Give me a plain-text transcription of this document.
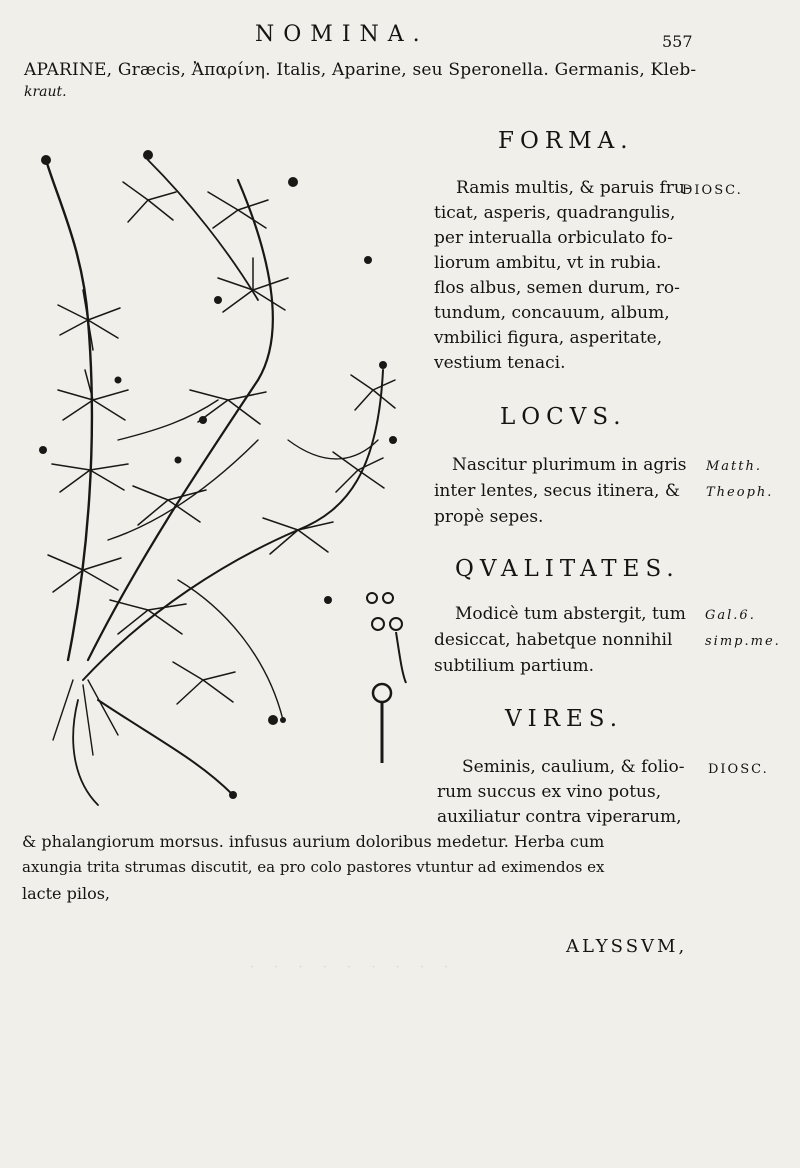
· · · · · · · · ·
NOMINA.	557
APARINE, Græcis, Ἀπαρίνη. Italis, Aparine, seu Speronella. Germanis, Kleb-
kraut.
FORMA.
Ramis multis, & paruis fru-
DIOSC.
ticat, asperis, quadrangulis,
per interualla orbiculato fo-
liorum ambitu, vt in rubia.
flos albus, semen durum, ro-
tundum, concauum, album,
vmbilici figura, asperitate,
vestium tenaci.
LOCVS.
Nascitur plurimum in agris Matth.
inter lentes, secus itinera, & Theoph.
propè sepes.
QVALITATES.
Modicè tum abstergit, tum Gal.6.
desiccat, habetque nonnihil	simp.me.
subtilium partium.
VIRES.
Seminis, caulium, & folio- DIOSC.
rum succus ex vino potus,
auxiliatur contra viperarum,
& phalangiorum morsus. infusus aurium doloribus medetur. Herba cum
axungia trita strumas discutit, ea pro colo pastores vtuntur ad eximendos ex
lacte pilos,
ALYSSVM,
